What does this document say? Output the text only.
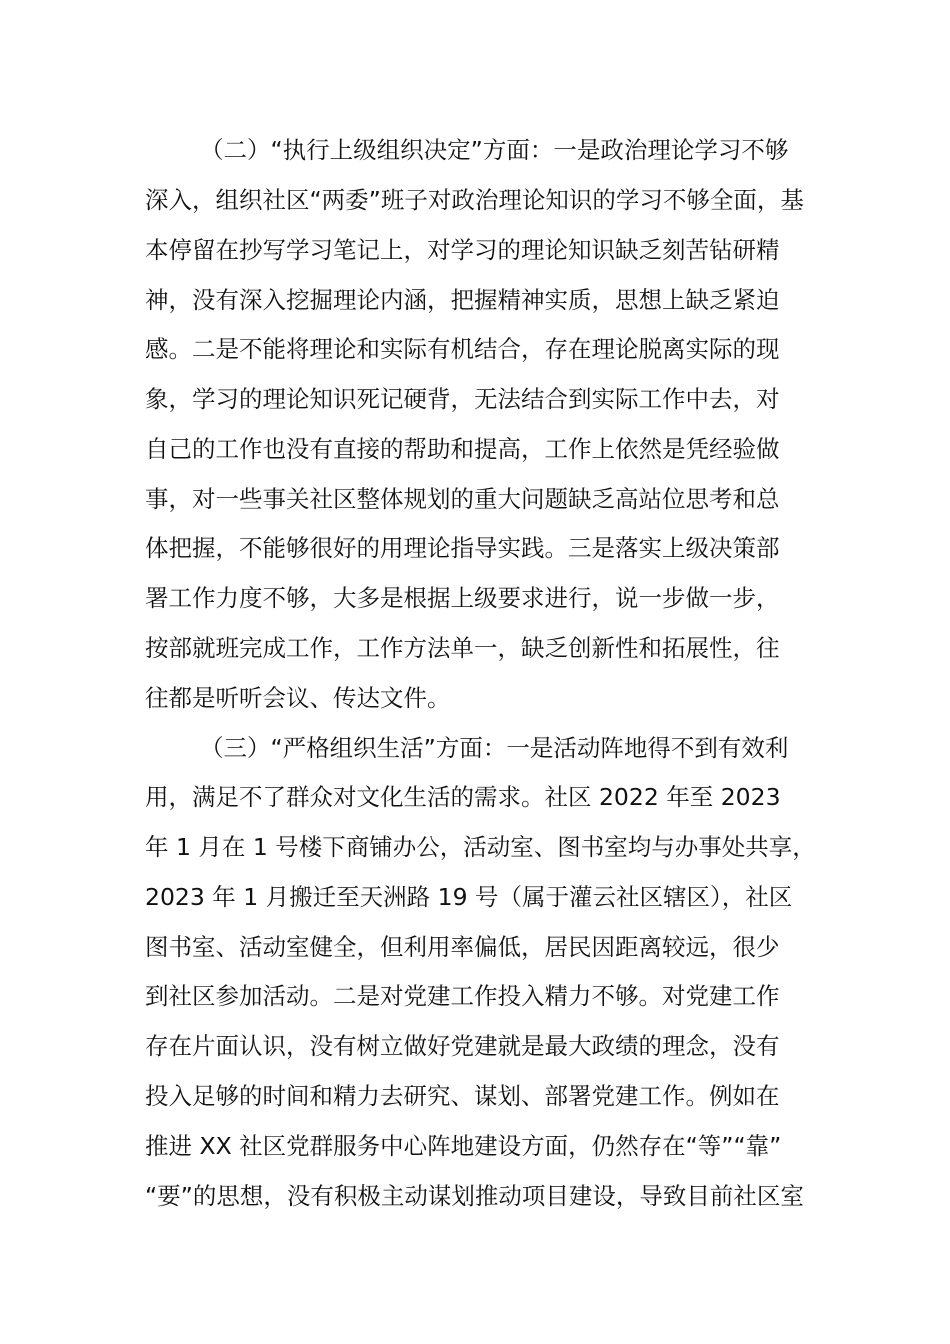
（二）“执行上级组织决定”方面：一是政治理论学习不够

深入，组织社区“两委”班子对政治理论知识的学习不够全面，基

本停留在抄写学习笔记上，对学习的理论知识缺乏刻苦钻研精

神，没有深入挖掘理论内涵，把握精神实质，思想上缺乏紧迫

感。二是不能将理论和实际有机结合，存在理论脱离实际的现

象，学习的理论知识死记硬背，无法结合到实际工作中去，对

自己的工作也没有直接的帮助和提高，工作上依然是凭经验做

事，对一些事关社区整体规划的重大问题缺乏高站位思考和总

体把握，不能够很好的用理论指导实践。三是落实上级决策部

署工作力度不够，大多是根据上级要求进行，说一步做一步，

按部就班完成工作，工作方法单一，缺乏创新性和拓展性，往

往都是听听会议、传达文件。

（三）“严格组织生活”方面：一是活动阵地得不到有效利

用，满足不了群众对文化生活的需求。社区 2022 年至 2023

年 1 月在 1 号楼下商铺办公，活动室、图书室均与办事处共享，

2023 年 1 月搬迁至天洲路 19 号（属于灌云社区辖区），社区

图书室、活动室健全，但利用率偏低，居民因距离较远，很少

到社区参加活动。二是对党建工作投入精力不够。对党建工作

存在片面认识，没有树立做好党建就是最大政绩的理念，没有

投入足够的时间和精力去研究、谋划、部署党建工作。例如在

推进 XX 社区党群服务中心阵地建设方面，仍然存在“等”“靠”

“要”的思想，没有积极主动谋划推动项目建设，导致目前社区室
